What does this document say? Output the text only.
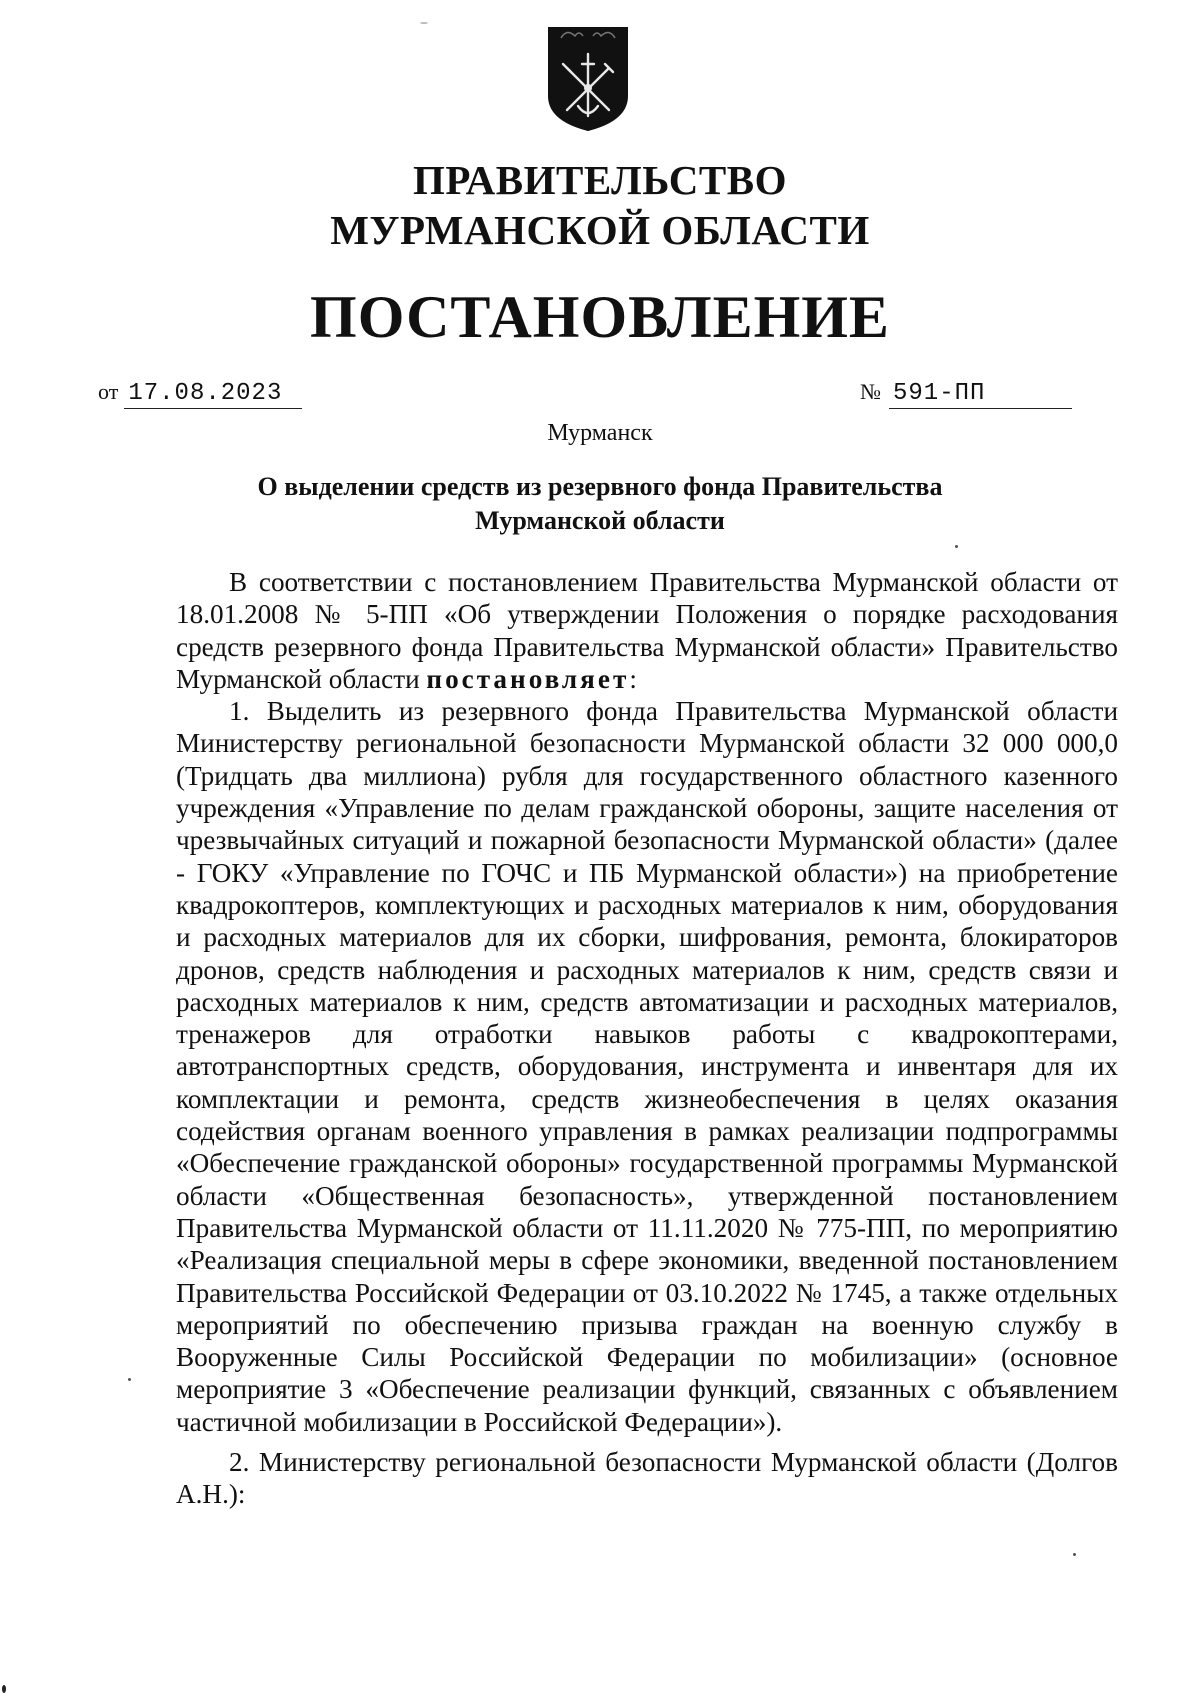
ПРАВИТЕЛЬСТВО
МУРМАНСКОЙ ОБЛАСТИ
ПОСТАНОВЛЕНИЕ
от 17.08.2023	№ 591-ПП
Мурманск
О выделении средств из резервного фонда Правительства
Мурманской области

В соответствии с постановлением Правительства Мурманской области от 18.01.2008 № 5-ПП «Об утверждении Положения о порядке расходования средств резервного фонда Правительства Мурманской области» Правительство Мурманской области постановляет:

1. Выделить из резервного фонда Правительства Мурманской области Министерству региональной безопасности Мурманской области 32 000 000,0 (Тридцать два миллиона) рубля для государственного областного казенного учреждения «Управление по делам гражданской обороны, защите населения от чрезвычайных ситуаций и пожарной безопасности Мурманской области» (далее - ГОКУ «Управление по ГОЧС и ПБ Мурманской области») на приобретение квадрокоптеров, комплектующих и расходных материалов к ним, оборудования и расходных материалов для их сборки, шифрования, ремонта, блокираторов дронов, средств наблюдения и расходных материалов к ним, средств связи и расходных материалов к ним, средств автоматизации и расходных материалов, тренажеров для отработки навыков работы с квадрокоптерами, автотранспортных средств, оборудования, инструмента и инвентаря для их комплектации и ремонта, средств жизнеобеспечения в целях оказания содействия органам военного управления в рамках реализации подпрограммы «Обеспечение гражданской обороны» государственной программы Мурманской области «Общественная безопасность», утвержденной постановлением Правительства Мурманской области от 11.11.2020 № 775-ПП, по мероприятию «Реализация специальной меры в сфере экономики, введенной постановлением Правительства Российской Федерации от 03.10.2022 № 1745, а также отдельных мероприятий по обеспечению призыва граждан на военную службу в Вооруженные Силы Российской Федерации по мобилизации» (основное мероприятие 3 «Обеспечение реализации функций, связанных с объявлением частичной мобилизации в Российской Федерации»).

2. Министерству региональной безопасности Мурманской области (Долгов А.Н.):
